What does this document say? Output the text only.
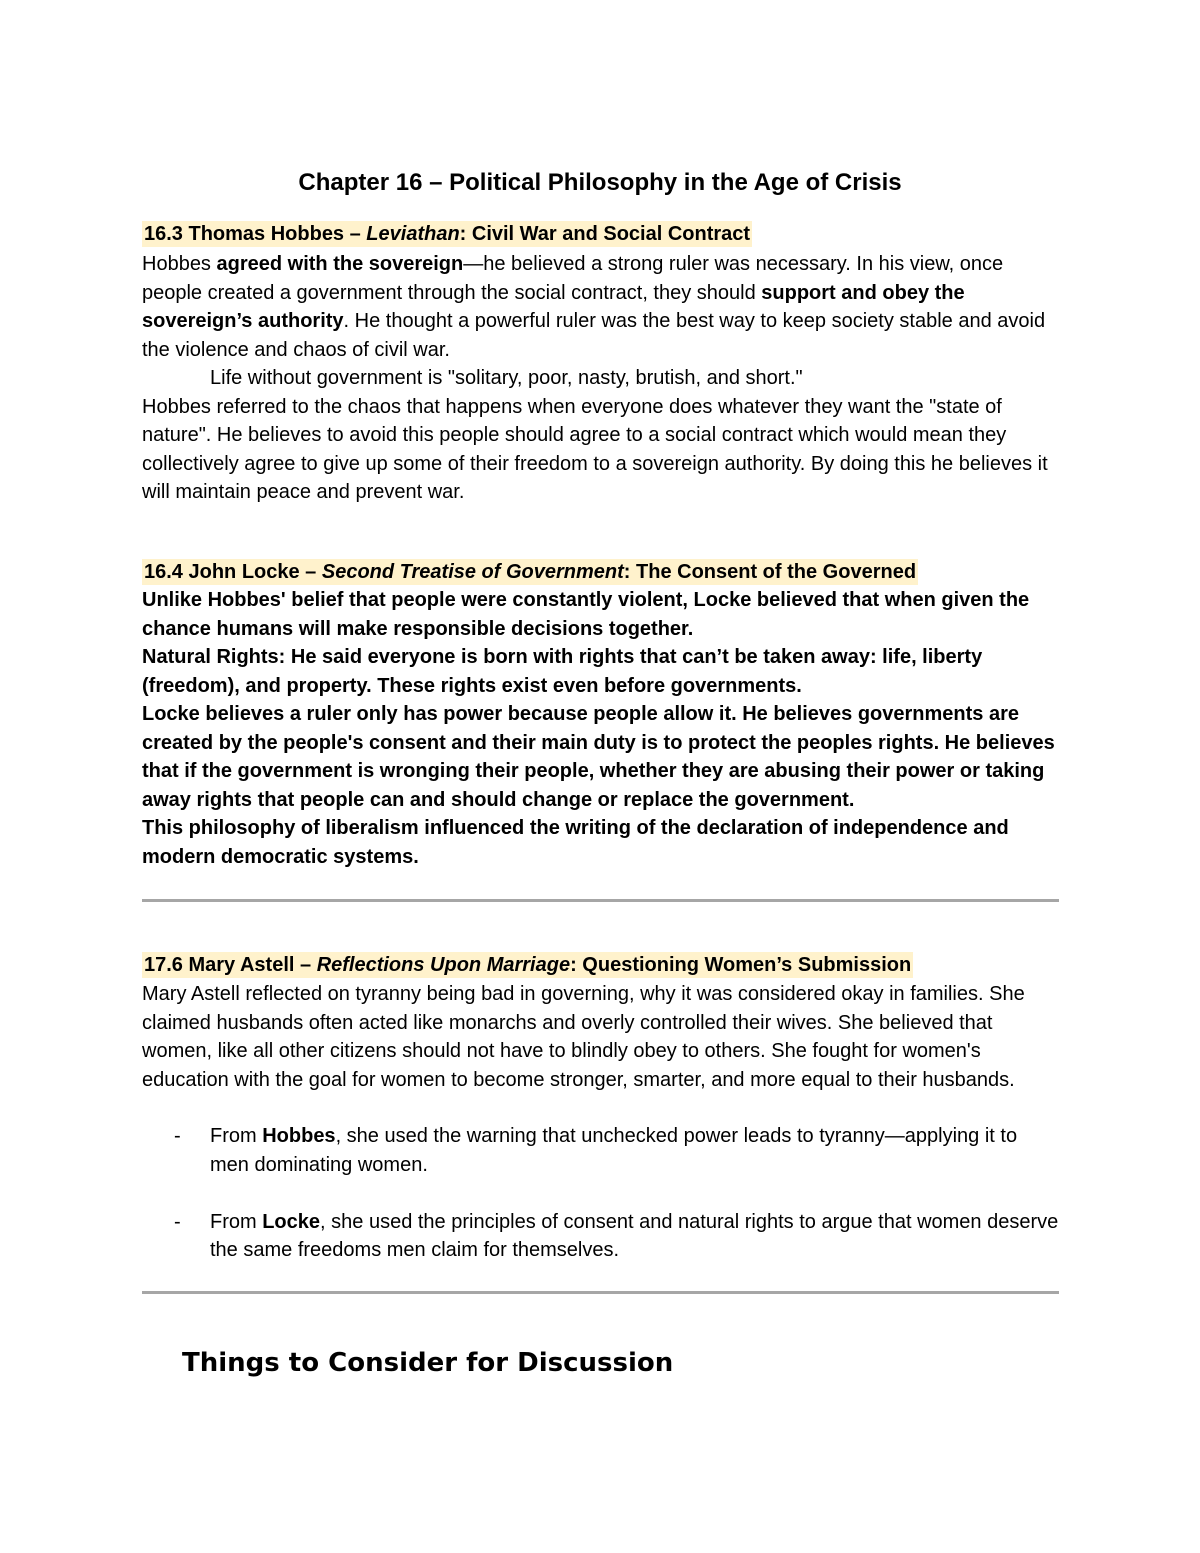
Chapter 16 – Political Philosophy in the Age of Crisis
16.3 Thomas Hobbes – Leviathan: Civil War and Social Contract

Hobbes agreed with the sovereign—he believed a strong ruler was necessary. In his view, once people created a government through the social contract, they should support and obey the sovereign’s authority. He thought a powerful ruler was the best way to keep society stable and avoid the violence and chaos of civil war.

Life without government is "solitary, poor, nasty, brutish, and short."

Hobbes referred to the chaos that happens when everyone does whatever they want the "state of nature". He believes to avoid this people should agree to a social contract which would mean they collectively agree to give up some of their freedom to a sovereign authority. By doing this he believes it will maintain peace and prevent war.

16.4 John Locke – Second Treatise of Government: The Consent of the Governed

Unlike Hobbes' belief that people were constantly violent, Locke believed that when given the chance humans will make responsible decisions together.

Natural Rights: He said everyone is born with rights that can’t be taken away: life, liberty (freedom), and property. These rights exist even before governments.

Locke believes a ruler only has power because people allow it. He believes governments are created by the people's consent and their main duty is to protect the peoples rights. He believes that if the government is wronging their people, whether they are abusing their power or taking away rights that people can and should change or replace the government.

This philosophy of liberalism influenced the writing of the declaration of independence and modern democratic systems.

17.6 Mary Astell – Reflections Upon Marriage: Questioning Women’s Submission

Mary Astell reflected on tyranny being bad in governing, why it was considered okay in families. She claimed husbands often acted like monarchs and overly controlled their wives. She believed that women, like all other citizens should not have to blindly obey to others. She fought for women's education with the goal for women to become stronger, smarter, and more equal to their husbands.

- From Hobbes, she used the warning that unchecked power leads to tyranny—applying it to men dominating women.
- From Locke, she used the principles of consent and natural rights to argue that women deserve the same freedoms men claim for themselves.
Things to Consider for Discussion
